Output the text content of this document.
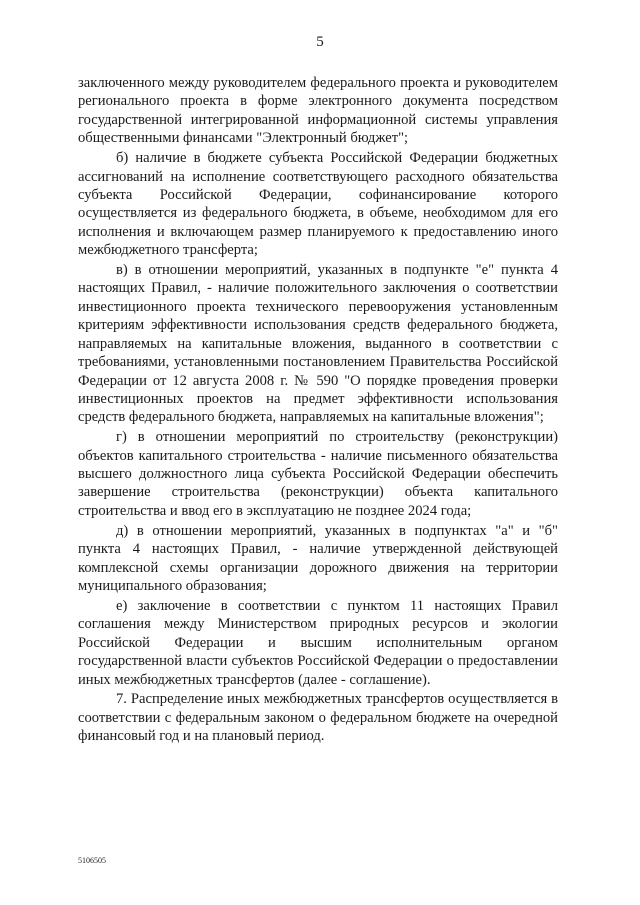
5

заключенного между руководителем федерального проекта и руководителем регионального проекта в форме электронного документа посредством государственной интегрированной информационной системы управления общественными финансами "Электронный бюджет";

б) наличие в бюджете субъекта Российской Федерации бюджетных ассигнований на исполнение соответствующего расходного обязательства субъекта Российской Федерации, софинансирование которого осуществляется из федерального бюджета, в объеме, необходимом для его исполнения и включающем размер планируемого к предоставлению иного межбюджетного трансферта;

в) в отношении мероприятий, указанных в подпункте "е" пункта 4 настоящих Правил, - наличие положительного заключения о соответствии инвестиционного проекта технического перевооружения установленным критериям эффективности использования средств федерального бюджета, направляемых на капитальные вложения, выданного в соответствии с требованиями, установленными постановлением Правительства Российской Федерации от 12 августа 2008 г. № 590 "О порядке проведения проверки инвестиционных проектов на предмет эффективности использования средств федерального бюджета, направляемых на капитальные вложения";

г) в отношении мероприятий по строительству (реконструкции) объектов капитального строительства - наличие письменного обязательства высшего должностного лица субъекта Российской Федерации обеспечить завершение строительства (реконструкции) объекта капитального строительства и ввод его в эксплуатацию не позднее 2024 года;

д) в отношении мероприятий, указанных в подпунктах "а" и "б" пункта 4 настоящих Правил, - наличие утвержденной действующей комплексной схемы организации дорожного движения на территории муниципального образования;

е) заключение в соответствии с пунктом 11 настоящих Правил соглашения между Министерством природных ресурсов и экологии Российской Федерации и высшим исполнительным органом государственной власти субъектов Российской Федерации о предоставлении иных межбюджетных трансфертов (далее - соглашение).

7. Распределение иных межбюджетных трансфертов осуществляется в соответствии с федеральным законом о федеральном бюджете на очередной финансовый год и на плановый период.

5106505
